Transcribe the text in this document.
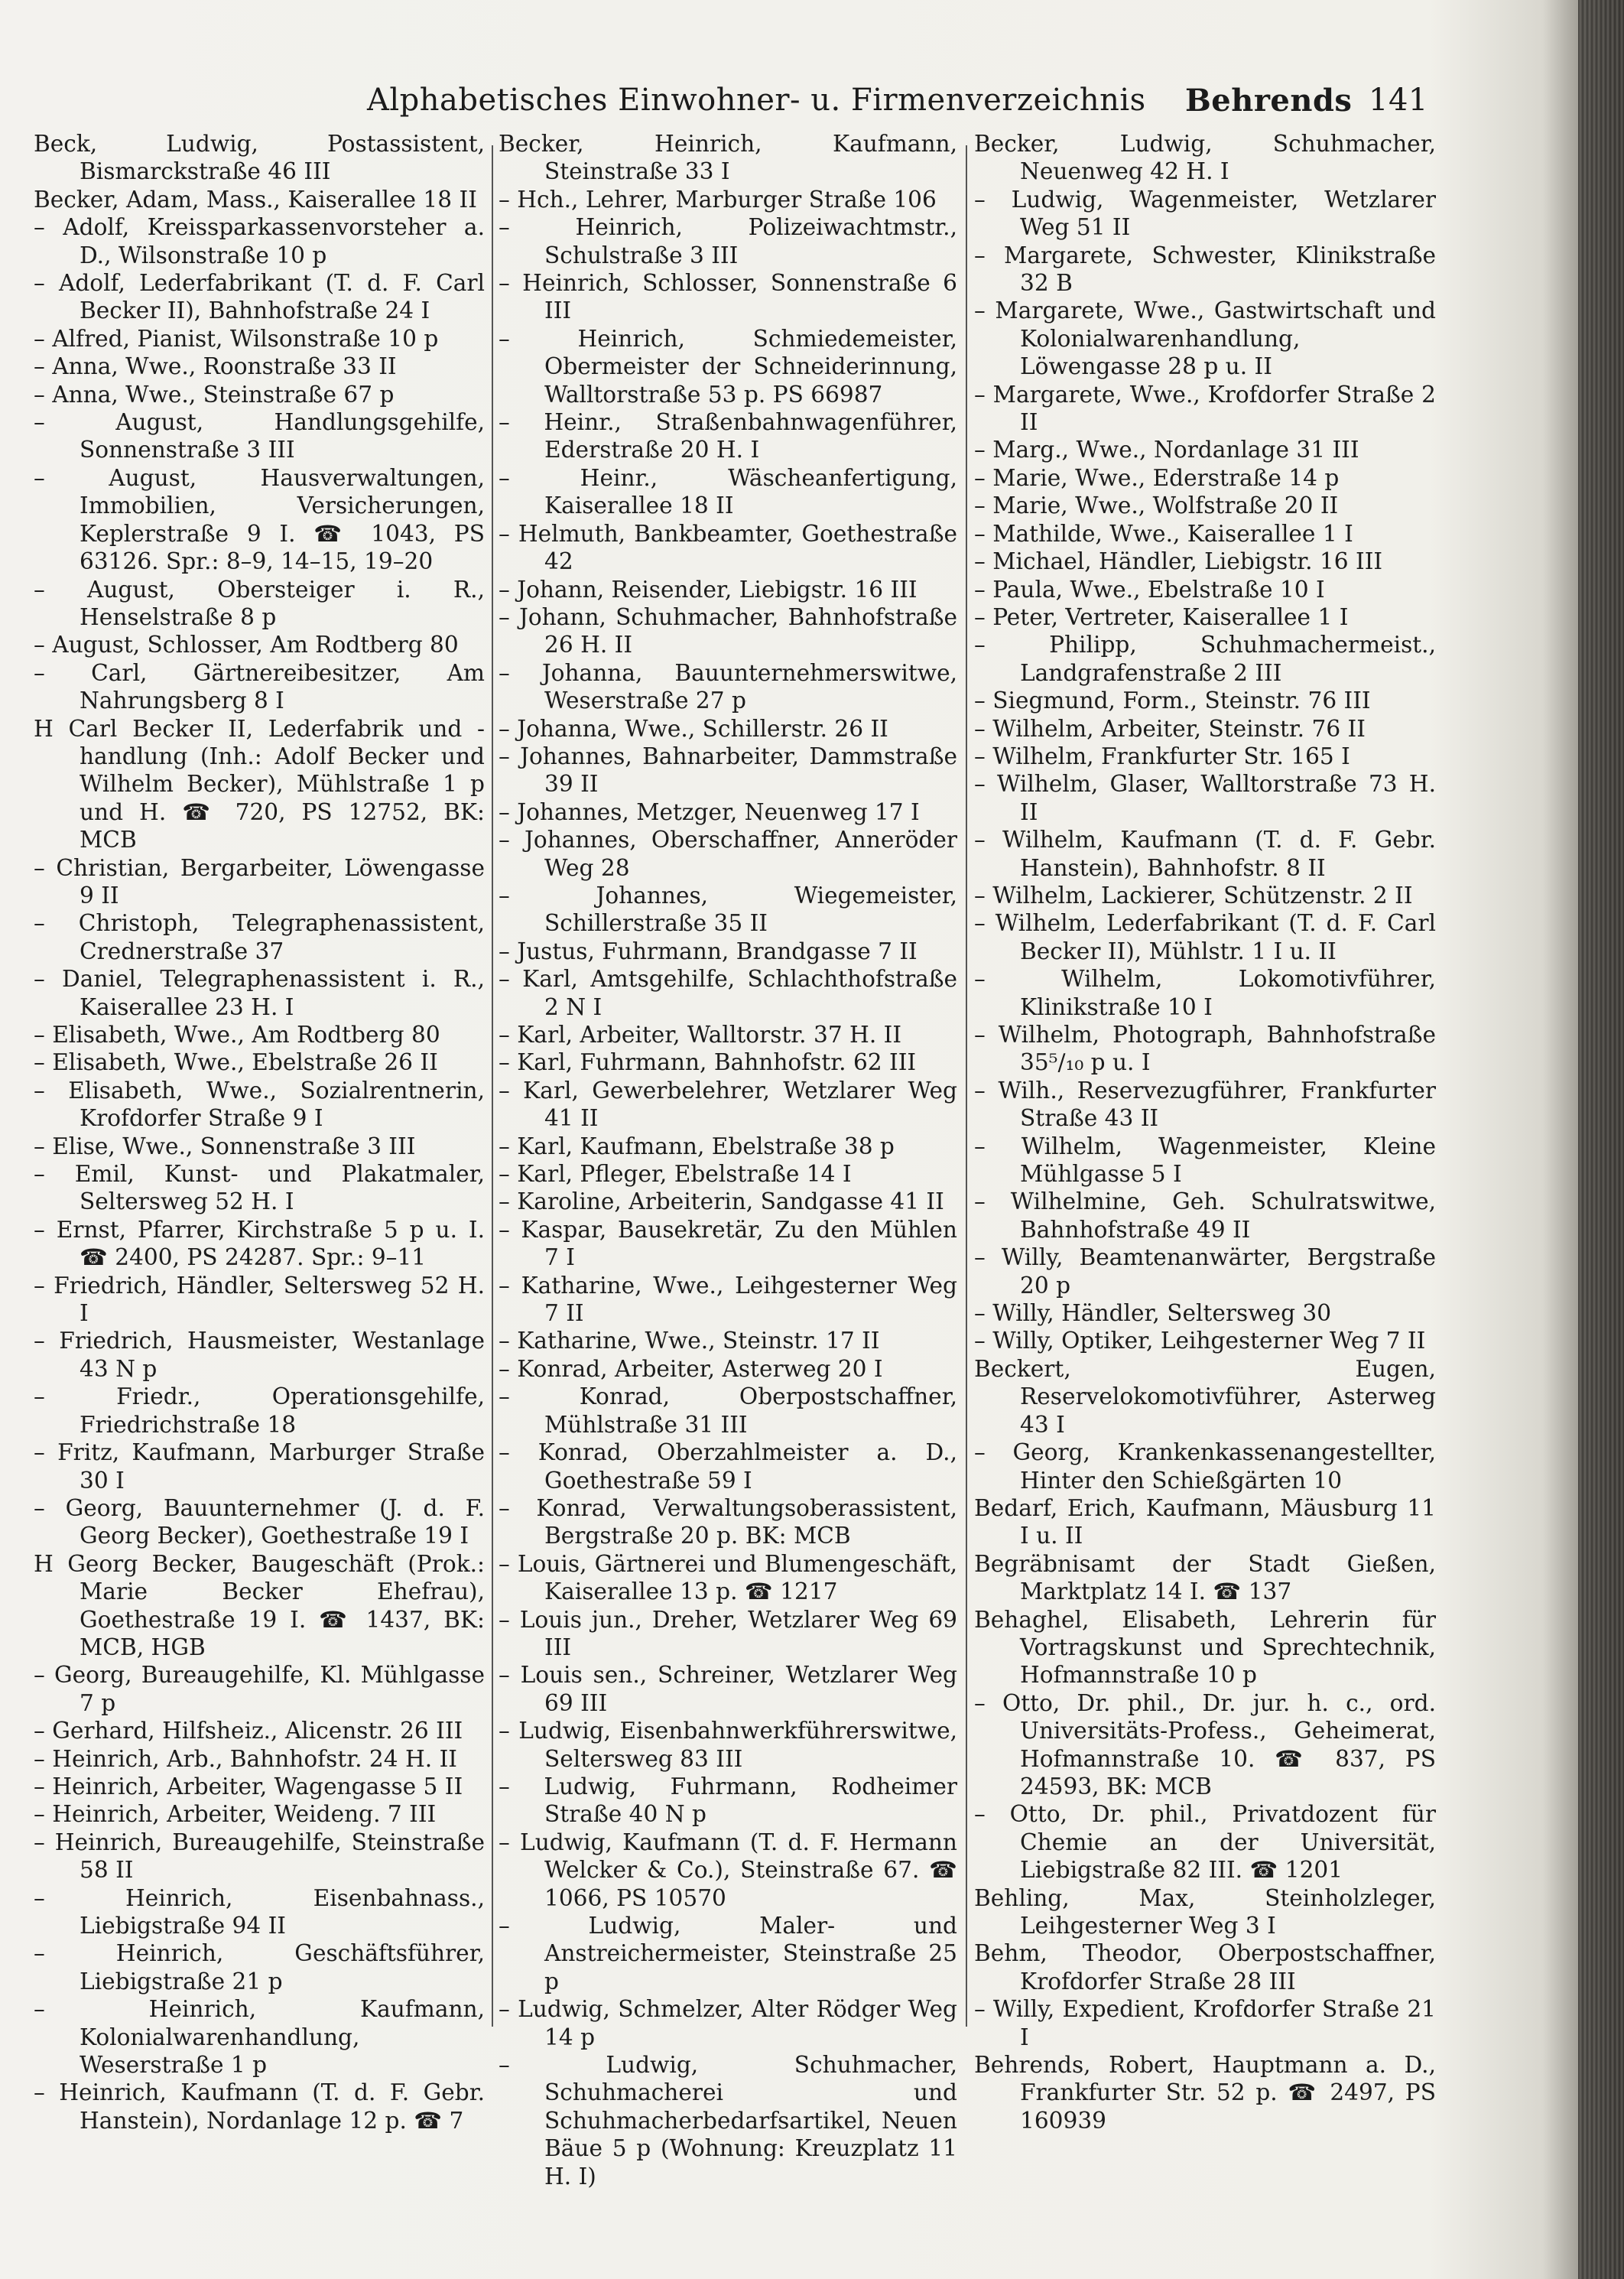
Alphabetisches Einwohner- u. Firmenverzeichnis Behrends 141

Beck, Ludwig, Postassistent, Bismarckstraße 46 III

Becker, Adam, Mass., Kaiserallee 18 II

– Adolf, Kreissparkassenvorsteher a. D., Wilsonstraße 10 p

– Adolf, Lederfabrikant (T. d. F. Carl Becker II), Bahnhofstraße 24 I

– Alfred, Pianist, Wilsonstraße 10 p

– Anna, Wwe., Roonstraße 33 II

– Anna, Wwe., Steinstraße 67 p

– August, Handlungsgehilfe, Sonnenstraße 3 III

– August, Hausverwaltungen, Immobilien, Versicherungen, Keplerstraße 9 I. ☎ 1043, PS 63126. Spr.: 8–9, 14–15, 19–20

– August, Obersteiger i. R., Henselstraße 8 p

– August, Schlosser, Am Rodtberg 80

– Carl, Gärtnereibesitzer, Am Nahrungsberg 8 I

H Carl Becker II, Lederfabrik und -handlung (Inh.: Adolf Becker und Wilhelm Becker), Mühlstraße 1 p und H. ☎ 720, PS 12752, BK: MCB

– Christian, Bergarbeiter, Löwengasse 9 II

– Christoph, Telegraphenassistent, Crednerstraße 37

– Daniel, Telegraphenassistent i. R., Kaiserallee 23 H. I

– Elisabeth, Wwe., Am Rodtberg 80

– Elisabeth, Wwe., Ebelstraße 26 II

– Elisabeth, Wwe., Sozialrentnerin, Krofdorfer Straße 9 I

– Elise, Wwe., Sonnenstraße 3 III

– Emil, Kunst- und Plakatmaler, Seltersweg 52 H. I

– Ernst, Pfarrer, Kirchstraße 5 p u. I. ☎ 2400, PS 24287. Spr.: 9–11

– Friedrich, Händler, Seltersweg 52 H. I

– Friedrich, Hausmeister, Westanlage 43 N p

– Friedr., Operationsgehilfe, Friedrichstraße 18

– Fritz, Kaufmann, Marburger Straße 30 I

– Georg, Bauunternehmer (J. d. F. Georg Becker), Goethestraße 19 I

H Georg Becker, Baugeschäft (Prok.: Marie Becker Ehefrau), Goethestraße 19 I. ☎ 1437, BK: MCB, HGB

– Georg, Bureaugehilfe, Kl. Mühlgasse 7 p

– Gerhard, Hilfsheiz., Alicenstr. 26 III

– Heinrich, Arb., Bahnhofstr. 24 H. II

– Heinrich, Arbeiter, Wagengasse 5 II

– Heinrich, Arbeiter, Weideng. 7 III

– Heinrich, Bureaugehilfe, Steinstraße 58 II

– Heinrich, Eisenbahnass., Liebigstraße 94 II

– Heinrich, Geschäftsführer, Liebigstraße 21 p

– Heinrich, Kaufmann, Kolonialwarenhandlung, Weserstraße 1 p

– Heinrich, Kaufmann (T. d. F. Gebr. Hanstein), Nordanlage 12 p. ☎ 7

Becker, Heinrich, Kaufmann, Steinstraße 33 I

– Hch., Lehrer, Marburger Straße 106

– Heinrich, Polizeiwachtmstr., Schulstraße 3 III

– Heinrich, Schlosser, Sonnenstraße 6 III

– Heinrich, Schmiedemeister, Obermeister der Schneiderinnung, Walltorstraße 53 p. PS 66987

– Heinr., Straßenbahnwagenführer, Ederstraße 20 H. I

– Heinr., Wäscheanfertigung, Kaiserallee 18 II

– Helmuth, Bankbeamter, Goethestraße 42

– Johann, Reisender, Liebigstr. 16 III

– Johann, Schuhmacher, Bahnhofstraße 26 H. II

– Johanna, Bauunternehmerswitwe, Weserstraße 27 p

– Johanna, Wwe., Schillerstr. 26 II

– Johannes, Bahnarbeiter, Dammstraße 39 II

– Johannes, Metzger, Neuenweg 17 I

– Johannes, Oberschaffner, Anneröder Weg 28

– Johannes, Wiegemeister, Schillerstraße 35 II

– Justus, Fuhrmann, Brandgasse 7 II

– Karl, Amtsgehilfe, Schlachthofstraße 2 N I

– Karl, Arbeiter, Walltorstr. 37 H. II

– Karl, Fuhrmann, Bahnhofstr. 62 III

– Karl, Gewerbelehrer, Wetzlarer Weg 41 II

– Karl, Kaufmann, Ebelstraße 38 p

– Karl, Pfleger, Ebelstraße 14 I

– Karoline, Arbeiterin, Sandgasse 41 II

– Kaspar, Bausekretär, Zu den Mühlen 7 I

– Katharine, Wwe., Leihgesterner Weg 7 II

– Katharine, Wwe., Steinstr. 17 II

– Konrad, Arbeiter, Asterweg 20 I

– Konrad, Oberpostschaffner, Mühlstraße 31 III

– Konrad, Oberzahlmeister a. D., Goethestraße 59 I

– Konrad, Verwaltungsoberassistent, Bergstraße 20 p. BK: MCB

– Louis, Gärtnerei und Blumengeschäft, Kaiserallee 13 p. ☎ 1217

– Louis jun., Dreher, Wetzlarer Weg 69 III

– Louis sen., Schreiner, Wetzlarer Weg 69 III

– Ludwig, Eisenbahnwerkführerswitwe, Seltersweg 83 III

– Ludwig, Fuhrmann, Rodheimer Straße 40 N p

– Ludwig, Kaufmann (T. d. F. Hermann Welcker & Co.), Steinstraße 67. ☎ 1066, PS 10570

– Ludwig, Maler- und Anstreichermeister, Steinstraße 25 p

– Ludwig, Schmelzer, Alter Rödger Weg 14 p

– Ludwig, Schuhmacher, Schuhmacherei und Schuhmacherbedarfsartikel, Neuen Bäue 5 p (Wohnung: Kreuzplatz 11 H. I)

Becker, Ludwig, Schuhmacher, Neuenweg 42 H. I

– Ludwig, Wagenmeister, Wetzlarer Weg 51 II

– Margarete, Schwester, Klinikstraße 32 B

– Margarete, Wwe., Gastwirtschaft und Kolonialwarenhandlung, Löwengasse 28 p u. II

– Margarete, Wwe., Krofdorfer Straße 2 II

– Marg., Wwe., Nordanlage 31 III

– Marie, Wwe., Ederstraße 14 p

– Marie, Wwe., Wolfstraße 20 II

– Mathilde, Wwe., Kaiserallee 1 I

– Michael, Händler, Liebigstr. 16 III

– Paula, Wwe., Ebelstraße 10 I

– Peter, Vertreter, Kaiserallee 1 I

– Philipp, Schuhmachermeist., Landgrafenstraße 2 III

– Siegmund, Form., Steinstr. 76 III

– Wilhelm, Arbeiter, Steinstr. 76 II

– Wilhelm, Frankfurter Str. 165 I

– Wilhelm, Glaser, Walltorstraße 73 H. II

– Wilhelm, Kaufmann (T. d. F. Gebr. Hanstein), Bahnhofstr. 8 II

– Wilhelm, Lackierer, Schützenstr. 2 II

– Wilhelm, Lederfabrikant (T. d. F. Carl Becker II), Mühlstr. 1 I u. II

– Wilhelm, Lokomotivführer, Klinikstraße 10 I

– Wilhelm, Photograph, Bahnhofstraße 35⁵/₁₀ p u. I

– Wilh., Reservezugführer, Frankfurter Straße 43 II

– Wilhelm, Wagenmeister, Kleine Mühlgasse 5 I

– Wilhelmine, Geh. Schulratswitwe, Bahnhofstraße 49 II

– Willy, Beamtenanwärter, Bergstraße 20 p

– Willy, Händler, Seltersweg 30

– Willy, Optiker, Leihgesterner Weg 7 II

Beckert, Eugen, Reservelokomotivführer, Asterweg 43 I

– Georg, Krankenkassenangestellter, Hinter den Schießgärten 10

Bedarf, Erich, Kaufmann, Mäusburg 11 I u. II

Begräbnisamt der Stadt Gießen, Marktplatz 14 I. ☎ 137

Behaghel, Elisabeth, Lehrerin für Vortragskunst und Sprechtechnik, Hofmannstraße 10 p

– Otto, Dr. phil., Dr. jur. h. c., ord. Universitäts-Profess., Geheimerat, Hofmannstraße 10. ☎ 837, PS 24593, BK: MCB

– Otto, Dr. phil., Privatdozent für Chemie an der Universität, Liebigstraße 82 III. ☎ 1201

Behling, Max, Steinholzleger, Leihgesterner Weg 3 I

Behm, Theodor, Oberpostschaffner, Krofdorfer Straße 28 III

– Willy, Expedient, Krofdorfer Straße 21 I

Behrends, Robert, Hauptmann a. D., Frankfurter Str. 52 p. ☎ 2497, PS 160939
